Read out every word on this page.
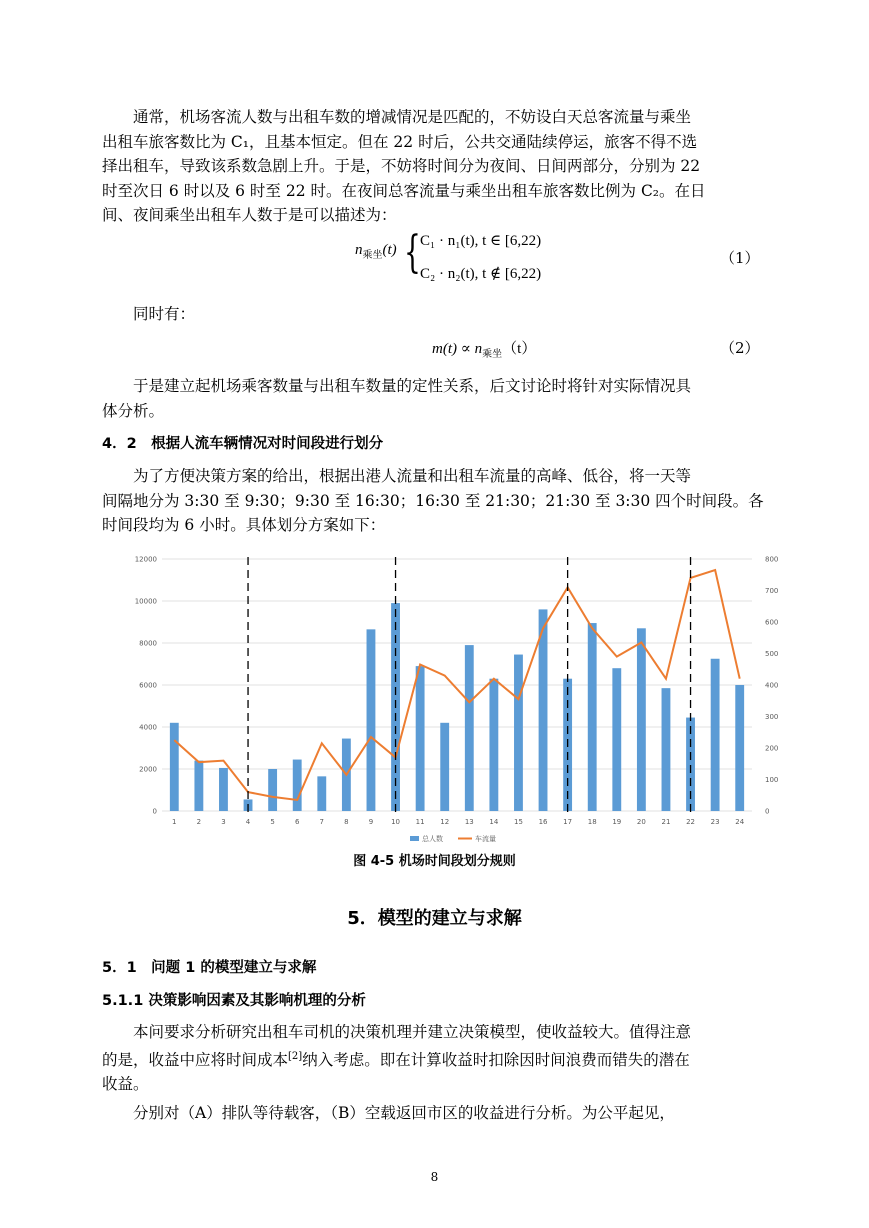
通常，机场客流人数与出租车数的增减情况是匹配的，不妨设白天总客流量与乘坐
出租车旅客数比为 C₁，且基本恒定。但在 22 时后，公共交通陆续停运，旅客不得不选
择出租车，导致该系数急剧上升。于是，不妨将时间分为夜间、日间两部分，分别为 22
时至次日 6 时以及 6 时至 22 时。在夜间总客流量与乘坐出租车旅客数比例为 C₂。在日
间、夜间乘坐出租车人数于是可以描述为：
$n_{乘坐}(t)$ { C₁ · n₁(t), t ∈ [6,22)
C₂ · n₂(t), t ∉ [6,22)
（1）
同时有：
$m(t) \propto n_{乘坐}(t)$	（2）
于是建立起机场乘客数量与出租车数量的定性关系，后文讨论时将针对实际情况具
体分析。
4．2　根据人流车辆情况对时间段进行划分
为了方便决策方案的给出，根据出港人流量和出租车流量的高峰、低谷，将一天等
间隔地分为 3:30 至 9:30；9:30 至 16:30；16:30 至 21:30；21:30 至 3:30 四个时间段。各
时间段均为 6 小时。具体划分方案如下：
0
2000
4000
6000
8000
10000
12000
0
100
200
300
400
500
600
700
800
1	2	3	4	5	6	7	8	9	10 11 12 13 14 15 16 17 18 19 20 21 22 23 24
总人数	车流量
图 4-5 机场时间段划分规则
5．模型的建立与求解
5．1　问题 1 的模型建立与求解
5.1.1 决策影响因素及其影响机理的分析
本问要求分析研究出租车司机的决策机理并建立决策模型，使收益较大。值得注意
的是，收益中应将时间成本[2]纳入考虑。即在计算收益时扣除因时间浪费而错失的潜在
收益。
分别对（A）排队等待载客，（B）空载返回市区的收益进行分析。为公平起见，
8
